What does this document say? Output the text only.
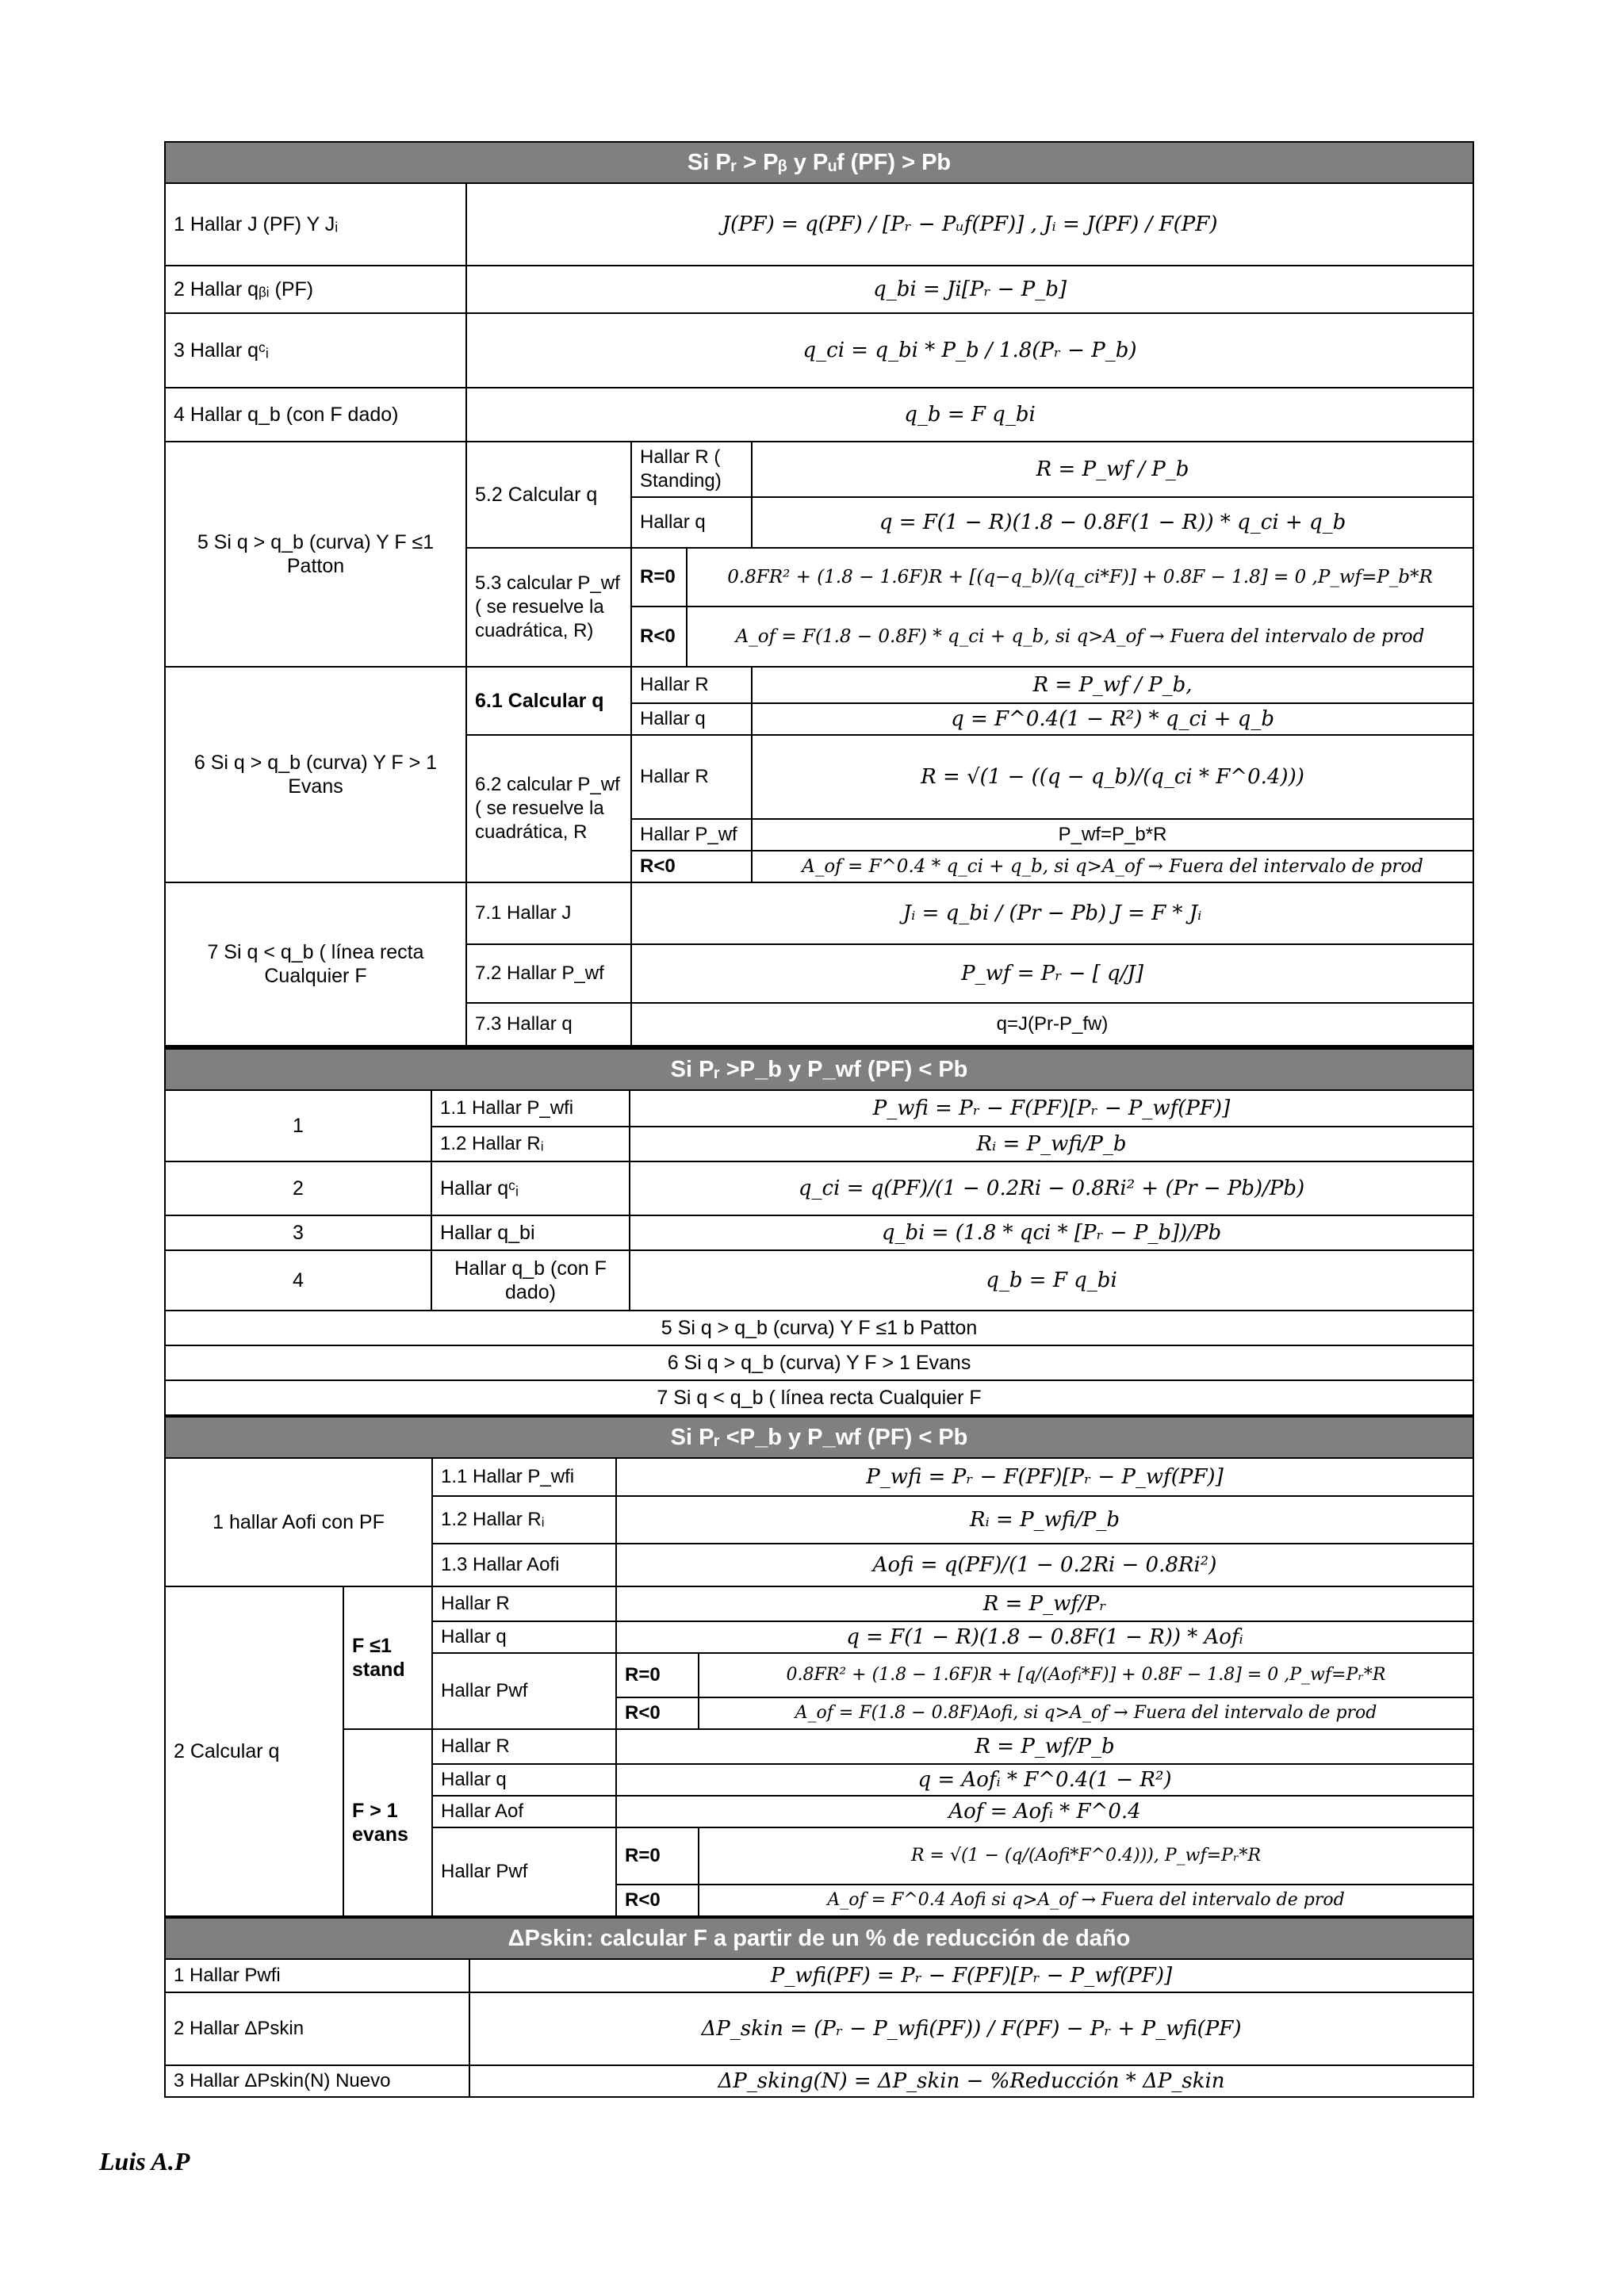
Si Pᵣ > Pᵦ y Pᵤf (PF) > Pb				
1 Hallar J (PF) Y Jᵢ	J(PF) = q(PF) / [Pᵣ − Pᵤf(PF)] , Jᵢ = J(PF) / F(PF)			
2 Hallar qᵦᵢ (PF)	q_bi = Ji[Pᵣ − P_b]			
3 Hallar qᶜᵢ	q_ci = q_bi * P_b / 1.8(Pᵣ − P_b)			
4 Hallar q_b (con F dado)	q_b = F q_bi			
5 Si q > q_b (curva) Y F ≤1 Patton	5.2 Calcular q	Hallar R ( Standing)		R = P_wf / P_b
		Hallar q		q = F(1 − R)(1.8 − 0.8F(1 − R)) * q_ci + q_b
	5.3 calcular P_wf ( se resuelve la cuadrática, R)	R=0	0.8FR² + (1.8 − 1.6F)R + [(q−q_b)/(q_ci*F)] + 0.8F − 1.8] = 0 ,P_wf=P_b*R	
		R<0	A_of = F(1.8 − 0.8F) * q_ci + q_b, si q>A_of → Fuera del intervalo de prod	
6 Si q > q_b (curva) Y F > 1 Evans	6.1 Calcular q	Hallar R		R = P_wf / P_b,
		Hallar q		q = F^0.4(1 − R²) * q_ci + q_b
	6.2 calcular P_wf ( se resuelve la cuadrática, R	Hallar R		R = √(1 − ((q − q_b)/(q_ci * F^0.4)))
		Hallar P_wf		P_wf=P_b*R
		R<0		A_of = F^0.4 * q_ci + q_b, si q>A_of → Fuera del intervalo de prod
7 Si q < q_b ( línea recta Cualquier F	7.1 Hallar J	Jᵢ = q_bi / (Pr − Pb) J = F * Jᵢ		
	7.2 Hallar P_wf	P_wf = Pᵣ − [ q/J]		
	7.3 Hallar q	q=J(Pr-P_fw)		
Si Pᵣ >P_b y P_wf (PF) < Pb		
1	1.1 Hallar P_wfi	P_wfi = Pᵣ − F(PF)[Pᵣ − P_wf(PF)]
	1.2 Hallar Rᵢ	Rᵢ = P_wfi/P_b
2	Hallar qᶜᵢ	q_ci = q(PF)/(1 − 0.2Ri − 0.8Ri² + (Pr − Pb)/Pb)
3	Hallar q_bi	q_bi = (1.8 * qci * [Pᵣ − P_b])/Pb
4	Hallar q_b (con F dado)	q_b = F q_bi
5 Si q > q_b (curva) Y F ≤1 b Patton		
6 Si q > q_b (curva) Y F > 1 Evans		
7 Si q < q_b ( línea recta Cualquier F		
Si Pᵣ <P_b y P_wf (PF) < Pb				
1 hallar Aofi con PF		1.1 Hallar P_wfi	P_wfi = Pᵣ − F(PF)[Pᵣ − P_wf(PF)]	
		1.2 Hallar Rᵢ	Rᵢ = P_wfi/P_b	
		1.3 Hallar Aofi	Aofi = q(PF)/(1 − 0.2Ri − 0.8Ri²)	
2 Calcular q	F ≤1 stand	Hallar R	R = P_wf/Pᵣ	
		Hallar q	q = F(1 − R)(1.8 − 0.8F(1 − R)) * Aofᵢ	
		Hallar Pwf	R=0	0.8FR² + (1.8 − 1.6F)R + [q/(Aofᵢ*F)] + 0.8F − 1.8] = 0 ,P_wf=Pᵣ*R
			R<0	A_of = F(1.8 − 0.8F)Aofi, si q>A_of → Fuera del intervalo de prod
	F > 1 evans	Hallar R	R = P_wf/P_b	
		Hallar q	q = Aofᵢ * F^0.4(1 − R²)	
		Hallar Aof	Aof = Aofᵢ * F^0.4	
		Hallar Pwf	R=0	R = √(1 − (q/(Aofi*F^0.4))), P_wf=Pᵣ*R
			R<0	A_of = F^0.4 Aofi si q>A_of → Fuera del intervalo de prod
ΔPskin: calcular F a partir de un % de reducción de daño	
1 Hallar Pwfi	P_wfi(PF) = Pᵣ − F(PF)[Pᵣ − P_wf(PF)]
2 Hallar ΔPskin	ΔP_skin = (Pᵣ − P_wfi(PF)) / F(PF) − Pᵣ + P_wfi(PF)
3 Hallar ΔPskin(N) Nuevo	ΔP_sking(N) = ΔP_skin − %Reducción * ΔP_skin
Luis A.P
